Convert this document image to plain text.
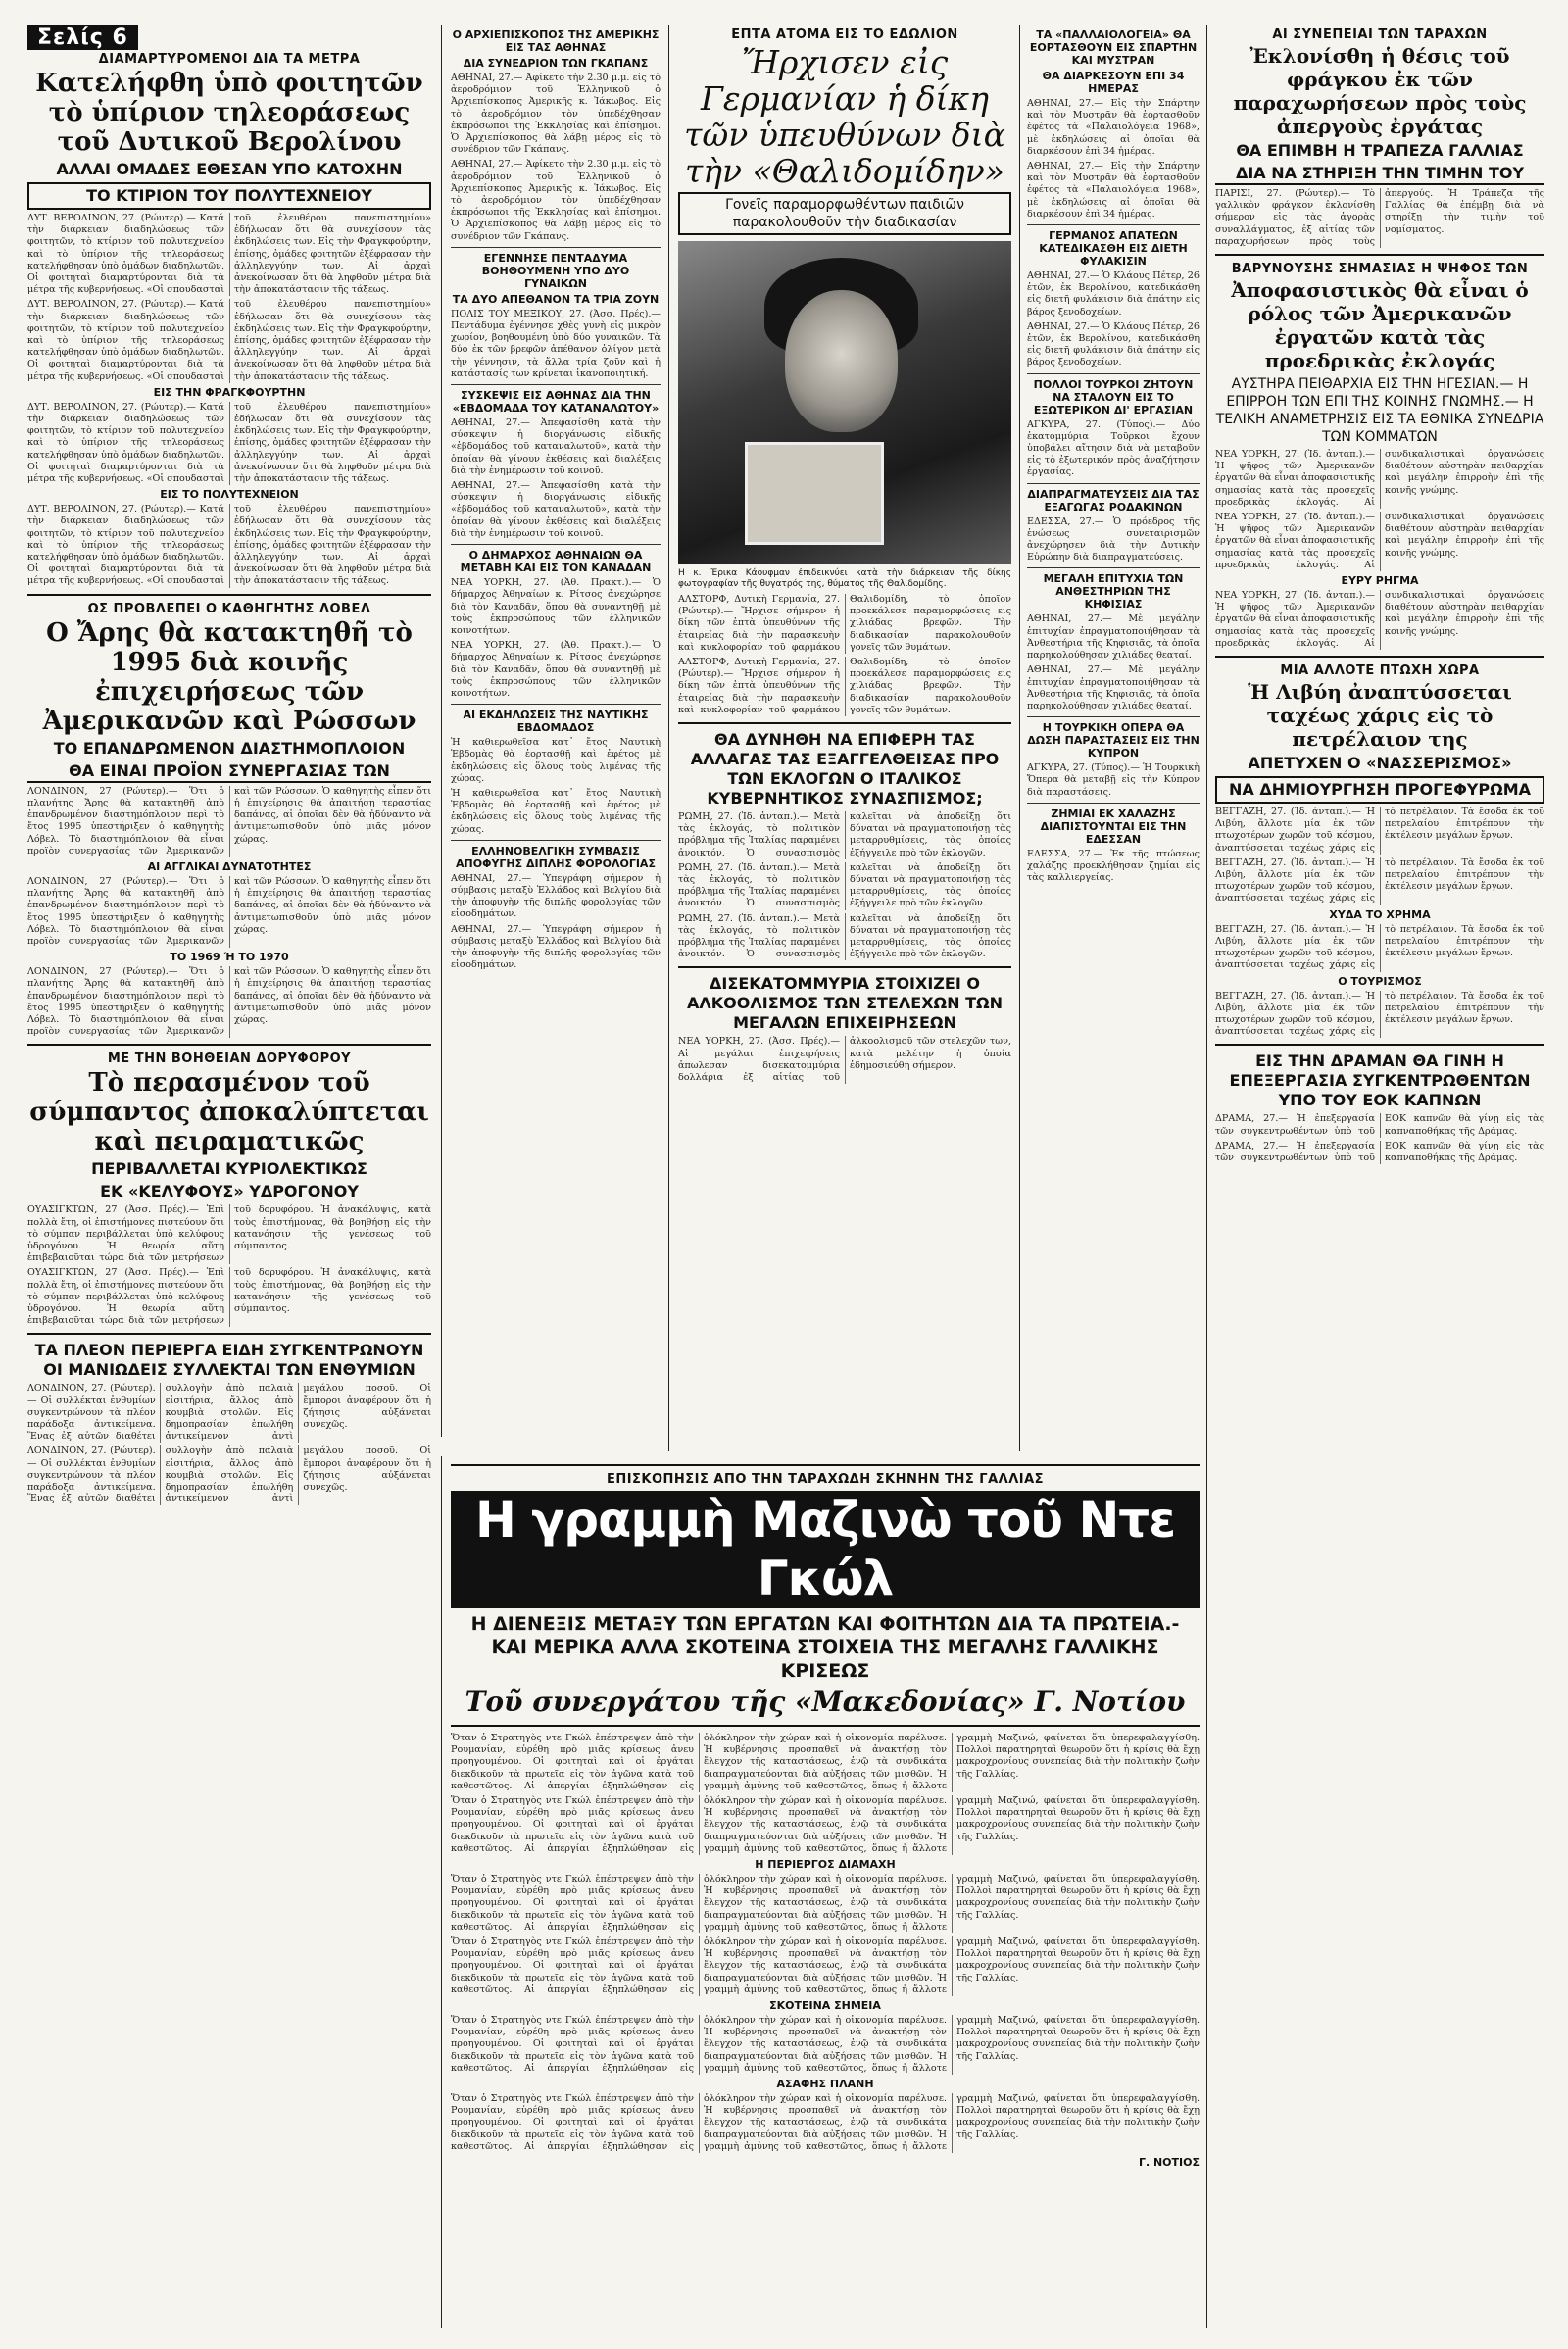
Σελίς 6
ΔΙΑΜΑΡΤΥΡΟΜΕΝΟΙ ΔΙΑ ΤΑ ΜΕΤΡΑ
Κατελήφθη ὑπὸ φοιτητῶν τὸ ὑπίριον τηλεοράσεως τοῦ Δυτικοῦ Βερολίνου
ΑΛΛΑΙ ΟΜΑΔΕΣ ΕΘΕΣΑΝ ΥΠΟ ΚΑΤΟΧΗΝ
ΤΟ ΚΤΙΡΙΟΝ ΤΟΥ ΠΟΛΥΤΕΧΝΕΙΟΥ
ΔΥΤ. ΒΕΡΟΛΙΝΟΝ, 27. (Ρώυτερ).— Κατά τὴν διάρκειαν διαδηλώσεως τῶν φοιτητῶν, τὸ κτίριον τοῦ πολυτεχνείου καὶ τὸ ὑπίριον τῆς τηλεοράσεως κατελήφθησαν ὑπὸ ὁμάδων διαδηλωτῶν. Οἱ φοιτηταὶ διαμαρτύρονται διὰ τὰ μέτρα τῆς κυβερνήσεως. «Οἱ σπουδασταὶ τοῦ ἐλευθέρου πανεπιστημίου» ἐδήλωσαν ὅτι θὰ συνεχίσουν τὰς ἐκδηλώσεις των. Εἰς τὴν Φραγκφούρτην, ἐπίσης, ὁμάδες φοιτητῶν ἐξέφρασαν τὴν ἀλληλεγγύην των. Αἱ ἀρχαὶ ἀνεκοίνωσαν ὅτι θὰ ληφθοῦν μέτρα διὰ τὴν ἀποκατάστασιν τῆς τάξεως.
ΔΥΤ. ΒΕΡΟΛΙΝΟΝ, 27. (Ρώυτερ).— Κατά τὴν διάρκειαν διαδηλώσεως τῶν φοιτητῶν, τὸ κτίριον τοῦ πολυτεχνείου καὶ τὸ ὑπίριον τῆς τηλεοράσεως κατελήφθησαν ὑπὸ ὁμάδων διαδηλωτῶν. Οἱ φοιτηταὶ διαμαρτύρονται διὰ τὰ μέτρα τῆς κυβερνήσεως. «Οἱ σπουδασταὶ τοῦ ἐλευθέρου πανεπιστημίου» ἐδήλωσαν ὅτι θὰ συνεχίσουν τὰς ἐκδηλώσεις των. Εἰς τὴν Φραγκφούρτην, ἐπίσης, ὁμάδες φοιτητῶν ἐξέφρασαν τὴν ἀλληλεγγύην των. Αἱ ἀρχαὶ ἀνεκοίνωσαν ὅτι θὰ ληφθοῦν μέτρα διὰ τὴν ἀποκατάστασιν τῆς τάξεως.
ΕΙΣ ΤΗΝ ΦΡΑΓΚΦΟΥΡΤΗΝ
ΔΥΤ. ΒΕΡΟΛΙΝΟΝ, 27. (Ρώυτερ).— Κατά τὴν διάρκειαν διαδηλώσεως τῶν φοιτητῶν, τὸ κτίριον τοῦ πολυτεχνείου καὶ τὸ ὑπίριον τῆς τηλεοράσεως κατελήφθησαν ὑπὸ ὁμάδων διαδηλωτῶν. Οἱ φοιτηταὶ διαμαρτύρονται διὰ τὰ μέτρα τῆς κυβερνήσεως. «Οἱ σπουδασταὶ τοῦ ἐλευθέρου πανεπιστημίου» ἐδήλωσαν ὅτι θὰ συνεχίσουν τὰς ἐκδηλώσεις των. Εἰς τὴν Φραγκφούρτην, ἐπίσης, ὁμάδες φοιτητῶν ἐξέφρασαν τὴν ἀλληλεγγύην των. Αἱ ἀρχαὶ ἀνεκοίνωσαν ὅτι θὰ ληφθοῦν μέτρα διὰ τὴν ἀποκατάστασιν τῆς τάξεως.
ΕΙΣ ΤΟ ΠΟΛΥΤΕΧΝΕΙΟΝ
ΔΥΤ. ΒΕΡΟΛΙΝΟΝ, 27. (Ρώυτερ).— Κατά τὴν διάρκειαν διαδηλώσεως τῶν φοιτητῶν, τὸ κτίριον τοῦ πολυτεχνείου καὶ τὸ ὑπίριον τῆς τηλεοράσεως κατελήφθησαν ὑπὸ ὁμάδων διαδηλωτῶν. Οἱ φοιτηταὶ διαμαρτύρονται διὰ τὰ μέτρα τῆς κυβερνήσεως. «Οἱ σπουδασταὶ τοῦ ἐλευθέρου πανεπιστημίου» ἐδήλωσαν ὅτι θὰ συνεχίσουν τὰς ἐκδηλώσεις των. Εἰς τὴν Φραγκφούρτην, ἐπίσης, ὁμάδες φοιτητῶν ἐξέφρασαν τὴν ἀλληλεγγύην των. Αἱ ἀρχαὶ ἀνεκοίνωσαν ὅτι θὰ ληφθοῦν μέτρα διὰ τὴν ἀποκατάστασιν τῆς τάξεως.
ΩΣ ΠΡΟΒΛΕΠΕΙ Ο ΚΑΘΗΓΗΤΗΣ ΛΟΒΕΛ
Ο Ἄρης θὰ κατακτηθῆ τὸ 1995 διὰ κοινῆς ἐπιχειρήσεως τῶν Ἀμερικανῶν καὶ Ρώσσων
ΤΟ ΕΠΑΝΔΡΩΜΕΝΟΝ ΔΙΑΣΤΗΜΟΠΛΟΙΟΝ
ΘΑ ΕΙΝΑΙ ΠΡΟΪΟΝ ΣΥΝΕΡΓΑΣΙΑΣ ΤΩΝ
ΛΟΝΔΙΝΟΝ, 27 (Ρώυτερ).— Ὅτι ὁ πλανήτης Ἄρης θὰ κατακτηθῆ ἀπὸ ἐπανδρωμένον διαστημόπλοιον περὶ τὸ ἔτος 1995 ὑπεστήριξεν ὁ καθηγητὴς Λόβελ. Τὸ διαστημόπλοιον θὰ εἶναι προϊὸν συνεργασίας τῶν Ἀμερικανῶν καὶ τῶν Ρώσσων. Ὁ καθηγητὴς εἶπεν ὅτι ἡ ἐπιχείρησις θὰ ἀπαιτήσῃ τεραστίας δαπάνας, αἱ ὁποῖαι δὲν θὰ ἠδύναντο νὰ ἀντιμετωπισθοῦν ὑπὸ μιᾶς μόνον χώρας.
ΑΙ ΑΓΓΛΙΚΑΙ ΔΥΝΑΤΟΤΗΤΕΣ
ΛΟΝΔΙΝΟΝ, 27 (Ρώυτερ).— Ὅτι ὁ πλανήτης Ἄρης θὰ κατακτηθῆ ἀπὸ ἐπανδρωμένον διαστημόπλοιον περὶ τὸ ἔτος 1995 ὑπεστήριξεν ὁ καθηγητὴς Λόβελ. Τὸ διαστημόπλοιον θὰ εἶναι προϊὸν συνεργασίας τῶν Ἀμερικανῶν καὶ τῶν Ρώσσων. Ὁ καθηγητὴς εἶπεν ὅτι ἡ ἐπιχείρησις θὰ ἀπαιτήσῃ τεραστίας δαπάνας, αἱ ὁποῖαι δὲν θὰ ἠδύναντο νὰ ἀντιμετωπισθοῦν ὑπὸ μιᾶς μόνον χώρας.
ΤΟ 1969 Ή ΤΟ 1970
ΛΟΝΔΙΝΟΝ, 27 (Ρώυτερ).— Ὅτι ὁ πλανήτης Ἄρης θὰ κατακτηθῆ ἀπὸ ἐπανδρωμένον διαστημόπλοιον περὶ τὸ ἔτος 1995 ὑπεστήριξεν ὁ καθηγητὴς Λόβελ. Τὸ διαστημόπλοιον θὰ εἶναι προϊὸν συνεργασίας τῶν Ἀμερικανῶν καὶ τῶν Ρώσσων. Ὁ καθηγητὴς εἶπεν ὅτι ἡ ἐπιχείρησις θὰ ἀπαιτήσῃ τεραστίας δαπάνας, αἱ ὁποῖαι δὲν θὰ ἠδύναντο νὰ ἀντιμετωπισθοῦν ὑπὸ μιᾶς μόνον χώρας.
ΜΕ ΤΗΝ ΒΟΗΘΕΙΑΝ ΔΟΡΥΦΟΡΟΥ
Τὸ περασμένον τοῦ σύμπαντος ἀποκαλύπτεται καὶ πειραματικῶς
ΠΕΡΙΒΑΛΛΕΤΑΙ ΚΥΡΙΟΛΕΚΤΙΚΩΣ
ΕΚ «ΚΕΛΥΦΟΥΣ» ΥΔΡΟΓΟΝΟΥ
ΟΥΑΣΙΓΚΤΩΝ, 27 (Ἀσσ. Πρές).— Ἐπὶ πολλὰ ἔτη, οἱ ἐπιστήμονες πιστεύουν ὅτι τὸ σύμπαν περιβάλλεται ὑπὸ κελύφους ὑδρογόνου. Ἡ θεωρία αὕτη ἐπιβεβαιοῦται τώρα διὰ τῶν μετρήσεων τοῦ δορυφόρου. Ἡ ἀνακάλυψις, κατὰ τοὺς ἐπιστήμονας, θὰ βοηθήσῃ εἰς τὴν κατανόησιν τῆς γενέσεως τοῦ σύμπαντος.
ΟΥΑΣΙΓΚΤΩΝ, 27 (Ἀσσ. Πρές).— Ἐπὶ πολλὰ ἔτη, οἱ ἐπιστήμονες πιστεύουν ὅτι τὸ σύμπαν περιβάλλεται ὑπὸ κελύφους ὑδρογόνου. Ἡ θεωρία αὕτη ἐπιβεβαιοῦται τώρα διὰ τῶν μετρήσεων τοῦ δορυφόρου. Ἡ ἀνακάλυψις, κατὰ τοὺς ἐπιστήμονας, θὰ βοηθήσῃ εἰς τὴν κατανόησιν τῆς γενέσεως τοῦ σύμπαντος.
ΤΑ ΠΛΕΟΝ ΠΕΡΙΕΡΓΑ ΕΙΔΗ ΣΥΓΚΕΝΤΡΩΝΟΥΝ ΟΙ ΜΑΝΙΩΔΕΙΣ ΣΥΛΛΕΚΤΑΙ ΤΩΝ ΕΝΘΥΜΙΩΝ
ΛΟΝΔΙΝΟΝ, 27. (Ρώυτερ).— Οἱ συλλέκται ἐνθυμίων συγκεντρώνουν τὰ πλέον παράδοξα ἀντικείμενα. Ἕνας ἐξ αὐτῶν διαθέτει συλλογὴν ἀπὸ παλαιὰ εἰσιτήρια, ἄλλος ἀπὸ κουμβιὰ στολῶν. Εἰς δημοπρασίαν ἐπωλήθη ἀντικείμενον ἀντὶ μεγάλου ποσοῦ. Οἱ ἔμποροι ἀναφέρουν ὅτι ἡ ζήτησις αὐξάνεται συνεχῶς.
ΛΟΝΔΙΝΟΝ, 27. (Ρώυτερ).— Οἱ συλλέκται ἐνθυμίων συγκεντρώνουν τὰ πλέον παράδοξα ἀντικείμενα. Ἕνας ἐξ αὐτῶν διαθέτει συλλογὴν ἀπὸ παλαιὰ εἰσιτήρια, ἄλλος ἀπὸ κουμβιὰ στολῶν. Εἰς δημοπρασίαν ἐπωλήθη ἀντικείμενον ἀντὶ μεγάλου ποσοῦ. Οἱ ἔμποροι ἀναφέρουν ὅτι ἡ ζήτησις αὐξάνεται συνεχῶς.
Ο ΑΡΧΙΕΠΙΣΚΟΠΟΣ ΤΗΣ ΑΜΕΡΙΚΗΣ ΕΙΣ ΤΑΣ ΑΘΗΝΑΣ
ΔΙΑ ΣΥΝΕΔΡΙΟΝ ΤΩΝ ΓΚΑΠΑΝΣ
ΑΘΗΝΑΙ, 27.— Ἀφίκετο τὴν 2.30 μ.μ. εἰς τὸ ἀεροδρόμιον τοῦ Ἑλληνικοῦ ὁ Ἀρχιεπίσκοπος Ἀμερικῆς κ. Ἰάκωβος. Εἰς τὸ ἀεροδρόμιον τὸν ὑπεδέχθησαν ἐκπρόσωποι τῆς Ἐκκλησίας καὶ ἐπίσημοι. Ὁ Ἀρχιεπίσκοπος θὰ λάβῃ μέρος εἰς τὸ συνέδριον τῶν Γκάπανς.
ΑΘΗΝΑΙ, 27.— Ἀφίκετο τὴν 2.30 μ.μ. εἰς τὸ ἀεροδρόμιον τοῦ Ἑλληνικοῦ ὁ Ἀρχιεπίσκοπος Ἀμερικῆς κ. Ἰάκωβος. Εἰς τὸ ἀεροδρόμιον τὸν ὑπεδέχθησαν ἐκπρόσωποι τῆς Ἐκκλησίας καὶ ἐπίσημοι. Ὁ Ἀρχιεπίσκοπος θὰ λάβῃ μέρος εἰς τὸ συνέδριον τῶν Γκάπανς.
ΕΓΕΝΝΗΣΕ ΠΕΝΤΑΔΥΜΑ ΒΟΗΘΟΥΜΕΝΗ ΥΠΟ ΔΥΟ ΓΥΝΑΙΚΩΝ
ΤΑ ΔΥΟ ΑΠΕΘΑΝΟΝ ΤΑ ΤΡΙΑ ΖΟΥΝ
ΠΟΛΙΣ ΤΟΥ ΜΕΞΙΚΟΥ, 27. (Ἀσσ. Πρές).— Πεντάδυμα ἐγέννησε χθὲς γυνὴ εἰς μικρὸν χωρίον, βοηθουμένη ὑπὸ δύο γυναικῶν. Τὰ δύο ἐκ τῶν βρεφῶν ἀπέθανον ὀλίγον μετὰ τὴν γέννησιν, τὰ ἄλλα τρία ζοῦν καὶ ἡ κατάστασίς των κρίνεται ἱκανοποιητική.
ΣΥΣΚΕΨΙΣ ΕΙΣ ΑΘΗΝΑΣ ΔΙΑ ΤΗΝ «ΕΒΔΟΜΑΔΑ ΤΟΥ ΚΑΤΑΝΑΛΩΤΟΥ»
ΑΘΗΝΑΙ, 27.— Ἀπεφασίσθη κατὰ τὴν σύσκεψιν ἡ διοργάνωσις εἰδικῆς «ἑβδομάδος τοῦ καταναλωτοῦ», κατὰ τὴν ὁποίαν θὰ γίνουν ἐκθέσεις καὶ διαλέξεις διὰ τὴν ἐνημέρωσιν τοῦ κοινοῦ.
ΑΘΗΝΑΙ, 27.— Ἀπεφασίσθη κατὰ τὴν σύσκεψιν ἡ διοργάνωσις εἰδικῆς «ἑβδομάδος τοῦ καταναλωτοῦ», κατὰ τὴν ὁποίαν θὰ γίνουν ἐκθέσεις καὶ διαλέξεις διὰ τὴν ἐνημέρωσιν τοῦ κοινοῦ.
Ο ΔΗΜΑΡΧΟΣ ΑΘΗΝΑΙΩΝ ΘΑ ΜΕΤΑΒΗ ΚΑΙ ΕΙΣ ΤΟΝ ΚΑΝΑΔΑΝ
ΝΕΑ ΥΟΡΚΗ, 27. (Ἀθ. Πρακτ.).— Ὁ δήμαρχος Ἀθηναίων κ. Ρίτσος ἀνεχώρησε διὰ τὸν Καναδᾶν, ὅπου θὰ συναντηθῇ μὲ τοὺς ἐκπροσώπους τῶν ἑλληνικῶν κοινοτήτων.
ΝΕΑ ΥΟΡΚΗ, 27. (Ἀθ. Πρακτ.).— Ὁ δήμαρχος Ἀθηναίων κ. Ρίτσος ἀνεχώρησε διὰ τὸν Καναδᾶν, ὅπου θὰ συναντηθῇ μὲ τοὺς ἐκπροσώπους τῶν ἑλληνικῶν κοινοτήτων.
ΑΙ ΕΚΔΗΛΩΣΕΙΣ ΤΗΣ ΝΑΥΤΙΚΗΣ ΕΒΔΟΜΑΔΟΣ
Ἡ καθιερωθεῖσα κατ᾿ ἔτος Ναυτικὴ Ἑβδομὰς θὰ ἑορτασθῇ καὶ ἐφέτος μὲ ἐκδηλώσεις εἰς ὅλους τοὺς λιμένας τῆς χώρας.
Ἡ καθιερωθεῖσα κατ᾿ ἔτος Ναυτικὴ Ἑβδομὰς θὰ ἑορτασθῇ καὶ ἐφέτος μὲ ἐκδηλώσεις εἰς ὅλους τοὺς λιμένας τῆς χώρας.
ΕΛΛΗΝΟΒΕΛΓΙΚΗ ΣΥΜΒΑΣΙΣ ΑΠΟΦΥΓΗΣ ΔΙΠΛΗΣ ΦΟΡΟΛΟΓΙΑΣ
ΑΘΗΝΑΙ, 27.— Ὑπεγράφη σήμερον ἡ σύμβασις μεταξὺ Ἑλλάδος καὶ Βελγίου διὰ τὴν ἀποφυγὴν τῆς διπλῆς φορολογίας τῶν εἰσοδημάτων.
ΑΘΗΝΑΙ, 27.— Ὑπεγράφη σήμερον ἡ σύμβασις μεταξὺ Ἑλλάδος καὶ Βελγίου διὰ τὴν ἀποφυγὴν τῆς διπλῆς φορολογίας τῶν εἰσοδημάτων.
ΕΠΤΑ ΑΤΟΜΑ ΕΙΣ ΤΟ ΕΔΩΛΙΟΝ
Ἤρχισεν εἰς Γερμανίαν ἡ δίκη τῶν ὑπευθύνων διὰ τὴν «Θαλιδομίδην»
Γονεῖς παραμορφωθέντων παιδιῶν παρακολουθοῦν τὴν διαδικασίαν
Η κ. Ἔρικα Κάουφμαν ἐπιδεικνύει κατὰ τὴν διάρκειαν τῆς δίκης φωτογραφίαν τῆς θυγατρός της, θύματος τῆς Θαλιδομίδης.
ΑΛΣΤΟΡΦ, Δυτικὴ Γερμανία, 27. (Ρώυτερ).— Ἤρχισε σήμερον ἡ δίκη τῶν ἑπτὰ ὑπευθύνων τῆς ἑταιρείας διὰ τὴν παρασκευὴν καὶ κυκλοφορίαν τοῦ φαρμάκου Θαλιδομίδη, τὸ ὁποῖον προεκάλεσε παραμορφώσεις εἰς χιλιάδας βρεφῶν. Τὴν διαδικασίαν παρακολουθοῦν γονεῖς τῶν θυμάτων.
ΑΛΣΤΟΡΦ, Δυτικὴ Γερμανία, 27. (Ρώυτερ).— Ἤρχισε σήμερον ἡ δίκη τῶν ἑπτὰ ὑπευθύνων τῆς ἑταιρείας διὰ τὴν παρασκευὴν καὶ κυκλοφορίαν τοῦ φαρμάκου Θαλιδομίδη, τὸ ὁποῖον προεκάλεσε παραμορφώσεις εἰς χιλιάδας βρεφῶν. Τὴν διαδικασίαν παρακολουθοῦν γονεῖς τῶν θυμάτων.
ΘΑ ΔΥΝΗΘΗ ΝΑ ΕΠΙΦΕΡΗ ΤΑΣ ΑΛΛΑΓΑΣ ΤΑΣ ΕΞΑΓΓΕΛΘΕΙΣΑΣ ΠΡΟ ΤΩΝ ΕΚΛΟΓΩΝ Ο ΙΤΑΛΙΚΟΣ ΚΥΒΕΡΝΗΤΙΚΟΣ ΣΥΝΑΣΠΙΣΜΟΣ;
ΡΩΜΗ, 27. (Ἰδ. ἀνταπ.).— Μετὰ τὰς ἐκλογάς, τὸ πολιτικὸν πρόβλημα τῆς Ἰταλίας παραμένει ἀνοικτόν. Ὁ συνασπισμὸς καλεῖται νὰ ἀποδείξῃ ὅτι δύναται νὰ πραγματοποιήσῃ τὰς μεταρρυθμίσεις, τὰς ὁποίας ἐξήγγειλε πρὸ τῶν ἐκλογῶν.
ΡΩΜΗ, 27. (Ἰδ. ἀνταπ.).— Μετὰ τὰς ἐκλογάς, τὸ πολιτικὸν πρόβλημα τῆς Ἰταλίας παραμένει ἀνοικτόν. Ὁ συνασπισμὸς καλεῖται νὰ ἀποδείξῃ ὅτι δύναται νὰ πραγματοποιήσῃ τὰς μεταρρυθμίσεις, τὰς ὁποίας ἐξήγγειλε πρὸ τῶν ἐκλογῶν.
ΡΩΜΗ, 27. (Ἰδ. ἀνταπ.).— Μετὰ τὰς ἐκλογάς, τὸ πολιτικὸν πρόβλημα τῆς Ἰταλίας παραμένει ἀνοικτόν. Ὁ συνασπισμὸς καλεῖται νὰ ἀποδείξῃ ὅτι δύναται νὰ πραγματοποιήσῃ τὰς μεταρρυθμίσεις, τὰς ὁποίας ἐξήγγειλε πρὸ τῶν ἐκλογῶν.
ΔΙΣΕΚΑΤΟΜΜΥΡΙΑ ΣΤΟΙΧΙΖΕΙ Ο ΑΛΚΟΟΛΙΣΜΟΣ ΤΩΝ ΣΤΕΛΕΧΩΝ ΤΩΝ ΜΕΓΑΛΩΝ ΕΠΙΧΕΙΡΗΣΕΩΝ
ΝΕΑ ΥΟΡΚΗ, 27. (Ἀσσ. Πρές).— Αἱ μεγάλαι ἐπιχειρήσεις ἀπωλεσαν δισεκατομμύρια δολλάρια ἐξ αἰτίας τοῦ ἀλκοολισμοῦ τῶν στελεχῶν των, κατὰ μελέτην ἡ ὁποία ἐδημοσιεύθη σήμερον.
ΤΑ «ΠΑΛΛΑΙΟΛΟΓΕΙΑ» ΘΑ ΕΟΡΤΑΣΘΟΥΝ ΕΙΣ ΣΠΑΡΤΗΝ ΚΑΙ ΜΥΣΤΡΑΝ
ΘΑ ΔΙΑΡΚΕΣΟΥΝ ΕΠΙ 34 ΗΜΕΡΑΣ
ΑΘΗΝΑΙ, 27.— Εἰς τὴν Σπάρτην καὶ τὸν Μυστρᾶν θὰ ἑορτασθοῦν ἐφέτος τὰ «Παλαιολόγεια 1968», μὲ ἐκδηλώσεις αἱ ὁποῖαι θὰ διαρκέσουν ἐπὶ 34 ἡμέρας.
ΑΘΗΝΑΙ, 27.— Εἰς τὴν Σπάρτην καὶ τὸν Μυστρᾶν θὰ ἑορτασθοῦν ἐφέτος τὰ «Παλαιολόγεια 1968», μὲ ἐκδηλώσεις αἱ ὁποῖαι θὰ διαρκέσουν ἐπὶ 34 ἡμέρας.
ΓΕΡΜΑΝΟΣ ΑΠΑΤΕΩΝ ΚΑΤΕΔΙΚΑΣΘΗ ΕΙΣ ΔΙΕΤΗ ΦΥΛΑΚΙΣΙΝ
ΑΘΗΝΑΙ, 27.— Ὁ Κλάους Πέτερ, 26 ἐτῶν, ἐκ Βερολίνου, κατεδικάσθη εἰς διετῆ φυλάκισιν διὰ ἀπάτην εἰς βάρος ξενοδοχείων.
ΑΘΗΝΑΙ, 27.— Ὁ Κλάους Πέτερ, 26 ἐτῶν, ἐκ Βερολίνου, κατεδικάσθη εἰς διετῆ φυλάκισιν διὰ ἀπάτην εἰς βάρος ξενοδοχείων.
ΠΟΛΛΟΙ ΤΟΥΡΚΟΙ ΖΗΤΟΥΝ ΝΑ ΣΤΑΛΟΥΝ ΕΙΣ ΤΟ ΕΞΩΤΕΡΙΚΟΝ ΔΙ' ΕΡΓΑΣΙΑΝ
ΑΓΚΥΡΑ, 27. (Τύπος).— Δύο ἑκατομμύρια Τοῦρκοι ἔχουν ὑποβάλει αἴτησιν διὰ νὰ μεταβοῦν εἰς τὸ ἐξωτερικόν πρὸς ἀναζήτησιν ἐργασίας.
ΔΙΑΠΡΑΓΜΑΤΕΥΣΕΙΣ ΔΙΑ ΤΑΣ ΕΞΑΓΩΓΑΣ ΡΟΔΑΚΙΝΩΝ
ΕΔΕΣΣΑ, 27.— Ὁ πρόεδρος τῆς ἑνώσεως συνεταιρισμῶν ἀνεχώρησεν διὰ τὴν Δυτικὴν Εὐρώπην διὰ διαπραγματεύσεις.
ΜΕΓΑΛΗ ΕΠΙΤΥΧΙΑ ΤΩΝ ΑΝΘΕΣΤΗΡΙΩΝ ΤΗΣ ΚΗΦΙΣΙΑΣ
ΑΘΗΝΑΙ, 27.— Μὲ μεγάλην ἐπιτυχίαν ἐπραγματοποιήθησαν τὰ Ἀνθεστήρια τῆς Κηφισιᾶς, τὰ ὁποῖα παρηκολούθησαν χιλιάδες θεαταί.
ΑΘΗΝΑΙ, 27.— Μὲ μεγάλην ἐπιτυχίαν ἐπραγματοποιήθησαν τὰ Ἀνθεστήρια τῆς Κηφισιᾶς, τὰ ὁποῖα παρηκολούθησαν χιλιάδες θεαταί.
Η ΤΟΥΡΚΙΚΗ ΟΠΕΡΑ ΘΑ ΔΩΣΗ ΠΑΡΑΣΤΑΣΕΙΣ ΕΙΣ ΤΗΝ ΚΥΠΡΟΝ
ΑΓΚΥΡΑ, 27. (Τύπος).— Ἡ Τουρκικὴ Ὄπερα θὰ μεταβῇ εἰς τὴν Κύπρον διὰ παραστάσεις.
ΖΗΜΙΑΙ ΕΚ ΧΑΛΑΖΗΣ ΔΙΑΠΙΣΤΟΥΝΤΑΙ ΕΙΣ ΤΗΝ ΕΔΕΣΣΑΝ
ΕΔΕΣΣΑ, 27.— Ἐκ τῆς πτώσεως χαλάζης προεκλήθησαν ζημίαι εἰς τὰς καλλιεργείας.
ΑΙ ΣΥΝΕΠΕΙΑΙ ΤΩΝ ΤΑΡΑΧΩΝ
Ἐκλονίσθη ἡ θέσις τοῦ φράγκου ἐκ τῶν παραχωρήσεων πρὸς τοὺς ἀπεργοὺς ἐργάτας
ΘΑ ΕΠΙΜΒΗ Η ΤΡΑΠΕΖΑ ΓΑΛΛΙΑΣ
ΔΙΑ ΝΑ ΣΤΗΡΙΞΗ ΤΗΝ ΤΙΜΗΝ ΤΟΥ
ΠΑΡΙΣΙ, 27. (Ρώυτερ).— Τὸ γαλλικὸν φράγκον ἐκλονίσθη σήμερον εἰς τὰς ἀγορὰς συναλλάγματος, ἐξ αἰτίας τῶν παραχωρήσεων πρὸς τοὺς ἀπεργούς. Ἡ Τράπεζα τῆς Γαλλίας θὰ ἐπέμβῃ διὰ νὰ στηρίξῃ τὴν τιμὴν τοῦ νομίσματος.
ΒΑΡΥΝΟΥΣΗΣ ΣΗΜΑΣΙΑΣ Η ΨΗΦΟΣ ΤΩΝ
Ἀποφασιστικὸς θὰ εἶναι ὁ ρόλος τῶν Ἀμερικανῶν ἐργατῶν κατὰ τὰς προεδρικὰς ἐκλογάς
ΑΥΣΤΗΡΑ ΠΕΙΘΑΡΧΙΑ ΕΙΣ ΤΗΝ ΗΓΕΣΙΑΝ.— Η ΕΠΙΡΡΟΗ ΤΩΝ ΕΠΙ ΤΗΣ ΚΟΙΝΗΣ ΓΝΩΜΗΣ.— Η ΤΕΛΙΚΗ ΑΝΑΜΕΤΡΗΣΙΣ ΕΙΣ ΤΑ ΕΘΝΙΚΑ ΣΥΝΕΔΡΙΑ ΤΩΝ ΚΟΜΜΑΤΩΝ
ΝΕΑ ΥΟΡΚΗ, 27. (Ἰδ. ἀνταπ.).— Ἡ ψῆφος τῶν Ἀμερικανῶν ἐργατῶν θὰ εἶναι ἀποφασιστικῆς σημασίας κατὰ τὰς προσεχεῖς προεδρικὰς ἐκλογάς. Αἱ συνδικαλιστικαὶ ὀργανώσεις διαθέτουν αὐστηρὰν πειθαρχίαν καὶ μεγάλην ἐπιρροὴν ἐπὶ τῆς κοινῆς γνώμης.
ΝΕΑ ΥΟΡΚΗ, 27. (Ἰδ. ἀνταπ.).— Ἡ ψῆφος τῶν Ἀμερικανῶν ἐργατῶν θὰ εἶναι ἀποφασιστικῆς σημασίας κατὰ τὰς προσεχεῖς προεδρικὰς ἐκλογάς. Αἱ συνδικαλιστικαὶ ὀργανώσεις διαθέτουν αὐστηρὰν πειθαρχίαν καὶ μεγάλην ἐπιρροὴν ἐπὶ τῆς κοινῆς γνώμης.
ΕΥΡΥ ΡΗΓΜΑ
ΝΕΑ ΥΟΡΚΗ, 27. (Ἰδ. ἀνταπ.).— Ἡ ψῆφος τῶν Ἀμερικανῶν ἐργατῶν θὰ εἶναι ἀποφασιστικῆς σημασίας κατὰ τὰς προσεχεῖς προεδρικὰς ἐκλογάς. Αἱ συνδικαλιστικαὶ ὀργανώσεις διαθέτουν αὐστηρὰν πειθαρχίαν καὶ μεγάλην ἐπιρροὴν ἐπὶ τῆς κοινῆς γνώμης.
ΜΙΑ ΑΛΛΟΤΕ ΠΤΩΧΗ ΧΩΡΑ
Ἡ Λιβύη ἀναπτύσσεται ταχέως χάρις εἰς τὸ πετρέλαιον της
ΑΠΕΤΥΧΕΝ Ο «ΝΑΣΣΕΡΙΣΜΟΣ»
ΝΑ ΔΗΜΙΟΥΡΓΗΣΗ ΠΡΟΓΕΦΥΡΩΜΑ
ΒΕΓΓΑΖΗ, 27. (Ἰδ. ἀνταπ.).— Ἡ Λιβύη, ἄλλοτε μία ἐκ τῶν πτωχοτέρων χωρῶν τοῦ κόσμου, ἀναπτύσσεται ταχέως χάρις εἰς τὸ πετρέλαιον. Τὰ ἔσοδα ἐκ τοῦ πετρελαίου ἐπιτρέπουν τὴν ἐκτέλεσιν μεγάλων ἔργων.
ΒΕΓΓΑΖΗ, 27. (Ἰδ. ἀνταπ.).— Ἡ Λιβύη, ἄλλοτε μία ἐκ τῶν πτωχοτέρων χωρῶν τοῦ κόσμου, ἀναπτύσσεται ταχέως χάρις εἰς τὸ πετρέλαιον. Τὰ ἔσοδα ἐκ τοῦ πετρελαίου ἐπιτρέπουν τὴν ἐκτέλεσιν μεγάλων ἔργων.
ΧΥΔΑ ΤΟ ΧΡΗΜΑ
ΒΕΓΓΑΖΗ, 27. (Ἰδ. ἀνταπ.).— Ἡ Λιβύη, ἄλλοτε μία ἐκ τῶν πτωχοτέρων χωρῶν τοῦ κόσμου, ἀναπτύσσεται ταχέως χάρις εἰς τὸ πετρέλαιον. Τὰ ἔσοδα ἐκ τοῦ πετρελαίου ἐπιτρέπουν τὴν ἐκτέλεσιν μεγάλων ἔργων.
Ο ΤΟΥΡΙΣΜΟΣ
ΒΕΓΓΑΖΗ, 27. (Ἰδ. ἀνταπ.).— Ἡ Λιβύη, ἄλλοτε μία ἐκ τῶν πτωχοτέρων χωρῶν τοῦ κόσμου, ἀναπτύσσεται ταχέως χάρις εἰς τὸ πετρέλαιον. Τὰ ἔσοδα ἐκ τοῦ πετρελαίου ἐπιτρέπουν τὴν ἐκτέλεσιν μεγάλων ἔργων.
ΕΙΣ ΤΗΝ ΔΡΑΜΑΝ ΘΑ ΓΙΝΗ Η ΕΠΕΞΕΡΓΑΣΙΑ ΣΥΓΚΕΝΤΡΩΘΕΝΤΩΝ ΥΠΟ ΤΟΥ ΕΟΚ ΚΑΠΝΩΝ
ΔΡΑΜΑ, 27.— Ἡ ἐπεξεργασία τῶν συγκεντρωθέντων ὑπὸ τοῦ ΕΟΚ καπνῶν θὰ γίνῃ εἰς τὰς καπναποθήκας τῆς Δράμας.
ΔΡΑΜΑ, 27.— Ἡ ἐπεξεργασία τῶν συγκεντρωθέντων ὑπὸ τοῦ ΕΟΚ καπνῶν θὰ γίνῃ εἰς τὰς καπναποθήκας τῆς Δράμας.
ΕΠΙΣΚΟΠΗΣΙΣ ΑΠΟ ΤΗΝ ΤΑΡΑΧΩΔΗ ΣΚΗΝΗΝ ΤΗΣ ΓΑΛΛΙΑΣ
Η γραμμὴ Μαζινὼ τοῦ Ντε Γκώλ
Η ΔΙΕΝΕΞΙΣ ΜΕΤΑΞΥ ΤΩΝ ΕΡΓΑΤΩΝ ΚΑΙ ΦΟΙΤΗΤΩΝ ΔΙΑ ΤΑ ΠΡΩΤΕΙΑ.- ΚΑΙ ΜΕΡΙΚΑ ΑΛΛΑ ΣΚΟΤΕΙΝΑ ΣΤΟΙΧΕΙΑ ΤΗΣ ΜΕΓΑΛΗΣ ΓΑΛΛΙΚΗΣ ΚΡΙΣΕΩΣ
Τοῦ συνεργάτου τῆς «Μακεδονίας» Γ. Νοτίου
Ὅταν ὁ Στρατηγὸς ντε Γκώλ ἐπέστρεψεν ἀπὸ τὴν Ρουμανίαν, εὑρέθη πρὸ μιᾶς κρίσεως ἀνευ προηγουμένου. Οἱ φοιτηταὶ καὶ οἱ ἐργάται διεκδικοῦν τὰ πρωτεῖα εἰς τὸν ἀγῶνα κατὰ τοῦ καθεστῶτος. Αἱ ἀπεργίαι ἐξηπλώθησαν εἰς ὁλόκληρον τὴν χώραν καὶ ἡ οἰκονομία παρέλυσε. Ἡ κυβέρνησις προσπαθεῖ νὰ ἀνακτήσῃ τὸν ἔλεγχον τῆς καταστάσεως, ἐνῷ τὰ συνδικάτα διαπραγματεύονται διὰ αὐξήσεις τῶν μισθῶν. Ἡ γραμμὴ ἀμύνης τοῦ καθεστῶτος, ὅπως ἡ ἄλλοτε γραμμὴ Μαζινώ, φαίνεται ὅτι ὑπερεφαλαγγίσθη. Πολλοὶ παρατηρηταὶ θεωροῦν ὅτι ἡ κρίσις θὰ ἔχῃ μακροχρονίους συνεπείας διὰ τὴν πολιτικὴν ζωὴν τῆς Γαλλίας.
Ὅταν ὁ Στρατηγὸς ντε Γκώλ ἐπέστρεψεν ἀπὸ τὴν Ρουμανίαν, εὑρέθη πρὸ μιᾶς κρίσεως ἀνευ προηγουμένου. Οἱ φοιτηταὶ καὶ οἱ ἐργάται διεκδικοῦν τὰ πρωτεῖα εἰς τὸν ἀγῶνα κατὰ τοῦ καθεστῶτος. Αἱ ἀπεργίαι ἐξηπλώθησαν εἰς ὁλόκληρον τὴν χώραν καὶ ἡ οἰκονομία παρέλυσε. Ἡ κυβέρνησις προσπαθεῖ νὰ ἀνακτήσῃ τὸν ἔλεγχον τῆς καταστάσεως, ἐνῷ τὰ συνδικάτα διαπραγματεύονται διὰ αὐξήσεις τῶν μισθῶν. Ἡ γραμμὴ ἀμύνης τοῦ καθεστῶτος, ὅπως ἡ ἄλλοτε γραμμὴ Μαζινώ, φαίνεται ὅτι ὑπερεφαλαγγίσθη. Πολλοὶ παρατηρηταὶ θεωροῦν ὅτι ἡ κρίσις θὰ ἔχῃ μακροχρονίους συνεπείας διὰ τὴν πολιτικὴν ζωὴν τῆς Γαλλίας.
Η ΠΕΡΙΕΡΓΟΣ ΔΙΑΜΑΧΗ
Ὅταν ὁ Στρατηγὸς ντε Γκώλ ἐπέστρεψεν ἀπὸ τὴν Ρουμανίαν, εὑρέθη πρὸ μιᾶς κρίσεως ἀνευ προηγουμένου. Οἱ φοιτηταὶ καὶ οἱ ἐργάται διεκδικοῦν τὰ πρωτεῖα εἰς τὸν ἀγῶνα κατὰ τοῦ καθεστῶτος. Αἱ ἀπεργίαι ἐξηπλώθησαν εἰς ὁλόκληρον τὴν χώραν καὶ ἡ οἰκονομία παρέλυσε. Ἡ κυβέρνησις προσπαθεῖ νὰ ἀνακτήσῃ τὸν ἔλεγχον τῆς καταστάσεως, ἐνῷ τὰ συνδικάτα διαπραγματεύονται διὰ αὐξήσεις τῶν μισθῶν. Ἡ γραμμὴ ἀμύνης τοῦ καθεστῶτος, ὅπως ἡ ἄλλοτε γραμμὴ Μαζινώ, φαίνεται ὅτι ὑπερεφαλαγγίσθη. Πολλοὶ παρατηρηταὶ θεωροῦν ὅτι ἡ κρίσις θὰ ἔχῃ μακροχρονίους συνεπείας διὰ τὴν πολιτικὴν ζωὴν τῆς Γαλλίας.
Ὅταν ὁ Στρατηγὸς ντε Γκώλ ἐπέστρεψεν ἀπὸ τὴν Ρουμανίαν, εὑρέθη πρὸ μιᾶς κρίσεως ἀνευ προηγουμένου. Οἱ φοιτηταὶ καὶ οἱ ἐργάται διεκδικοῦν τὰ πρωτεῖα εἰς τὸν ἀγῶνα κατὰ τοῦ καθεστῶτος. Αἱ ἀπεργίαι ἐξηπλώθησαν εἰς ὁλόκληρον τὴν χώραν καὶ ἡ οἰκονομία παρέλυσε. Ἡ κυβέρνησις προσπαθεῖ νὰ ἀνακτήσῃ τὸν ἔλεγχον τῆς καταστάσεως, ἐνῷ τὰ συνδικάτα διαπραγματεύονται διὰ αὐξήσεις τῶν μισθῶν. Ἡ γραμμὴ ἀμύνης τοῦ καθεστῶτος, ὅπως ἡ ἄλλοτε γραμμὴ Μαζινώ, φαίνεται ὅτι ὑπερεφαλαγγίσθη. Πολλοὶ παρατηρηταὶ θεωροῦν ὅτι ἡ κρίσις θὰ ἔχῃ μακροχρονίους συνεπείας διὰ τὴν πολιτικὴν ζωὴν τῆς Γαλλίας.
ΣΚΟΤΕΙΝΑ ΣΗΜΕΙΑ
Ὅταν ὁ Στρατηγὸς ντε Γκώλ ἐπέστρεψεν ἀπὸ τὴν Ρουμανίαν, εὑρέθη πρὸ μιᾶς κρίσεως ἀνευ προηγουμένου. Οἱ φοιτηταὶ καὶ οἱ ἐργάται διεκδικοῦν τὰ πρωτεῖα εἰς τὸν ἀγῶνα κατὰ τοῦ καθεστῶτος. Αἱ ἀπεργίαι ἐξηπλώθησαν εἰς ὁλόκληρον τὴν χώραν καὶ ἡ οἰκονομία παρέλυσε. Ἡ κυβέρνησις προσπαθεῖ νὰ ἀνακτήσῃ τὸν ἔλεγχον τῆς καταστάσεως, ἐνῷ τὰ συνδικάτα διαπραγματεύονται διὰ αὐξήσεις τῶν μισθῶν. Ἡ γραμμὴ ἀμύνης τοῦ καθεστῶτος, ὅπως ἡ ἄλλοτε γραμμὴ Μαζινώ, φαίνεται ὅτι ὑπερεφαλαγγίσθη. Πολλοὶ παρατηρηταὶ θεωροῦν ὅτι ἡ κρίσις θὰ ἔχῃ μακροχρονίους συνεπείας διὰ τὴν πολιτικὴν ζωὴν τῆς Γαλλίας.
ΑΣΑΦΗΣ ΠΛΑΝΗ
Ὅταν ὁ Στρατηγὸς ντε Γκώλ ἐπέστρεψεν ἀπὸ τὴν Ρουμανίαν, εὑρέθη πρὸ μιᾶς κρίσεως ἀνευ προηγουμένου. Οἱ φοιτηταὶ καὶ οἱ ἐργάται διεκδικοῦν τὰ πρωτεῖα εἰς τὸν ἀγῶνα κατὰ τοῦ καθεστῶτος. Αἱ ἀπεργίαι ἐξηπλώθησαν εἰς ὁλόκληρον τὴν χώραν καὶ ἡ οἰκονομία παρέλυσε. Ἡ κυβέρνησις προσπαθεῖ νὰ ἀνακτήσῃ τὸν ἔλεγχον τῆς καταστάσεως, ἐνῷ τὰ συνδικάτα διαπραγματεύονται διὰ αὐξήσεις τῶν μισθῶν. Ἡ γραμμὴ ἀμύνης τοῦ καθεστῶτος, ὅπως ἡ ἄλλοτε γραμμὴ Μαζινώ, φαίνεται ὅτι ὑπερεφαλαγγίσθη. Πολλοὶ παρατηρηταὶ θεωροῦν ὅτι ἡ κρίσις θὰ ἔχῃ μακροχρονίους συνεπείας διὰ τὴν πολιτικὴν ζωὴν τῆς Γαλλίας.
Γ. ΝΟΤΙΟΣ
